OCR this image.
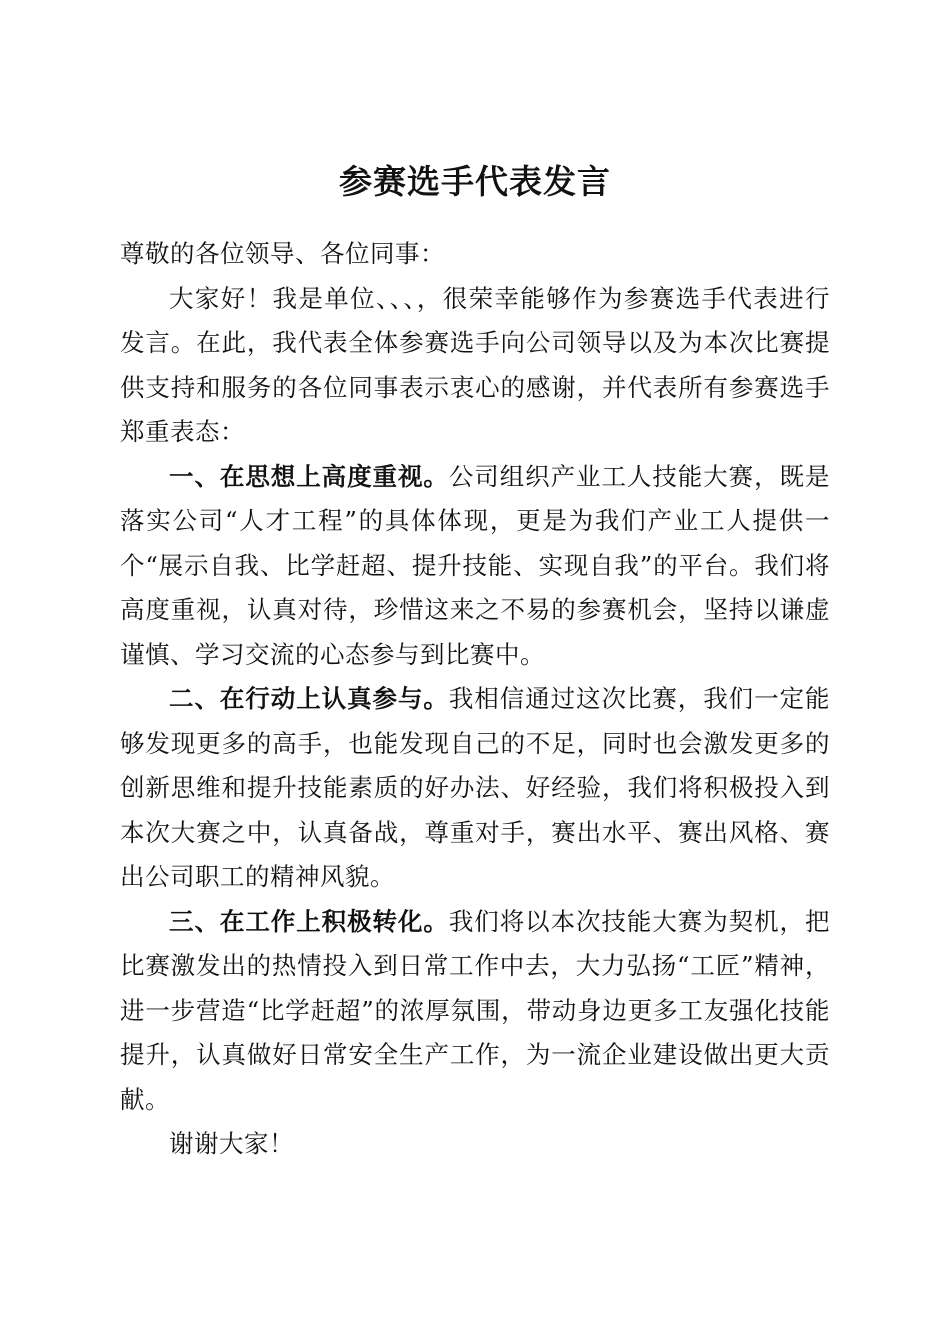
参赛选手代表发言

尊敬的各位领导、各位同事：

大家好！我是单位、、、，很荣幸能够作为参赛选手代表进行发言。在此，我代表全体参赛选手向公司领导以及为本次比赛提供支持和服务的各位同事表示衷心的感谢，并代表所有参赛选手郑重表态：

一、在思想上高度重视。公司组织产业工人技能大赛，既是落实公司“人才工程”的具体体现，更是为我们产业工人提供一个“展示自我、比学赶超、提升技能、实现自我”的平台。我们将高度重视，认真对待，珍惜这来之不易的参赛机会，坚持以谦虚谨慎、学习交流的心态参与到比赛中。

二、在行动上认真参与。我相信通过这次比赛，我们一定能够发现更多的高手，也能发现自己的不足，同时也会激发更多的创新思维和提升技能素质的好办法、好经验，我们将积极投入到本次大赛之中，认真备战，尊重对手，赛出水平、赛出风格、赛出公司职工的精神风貌。

三、在工作上积极转化。我们将以本次技能大赛为契机，把比赛激发出的热情投入到日常工作中去，大力弘扬“工匠”精神，进一步营造“比学赶超”的浓厚氛围，带动身边更多工友强化技能提升，认真做好日常安全生产工作，为一流企业建设做出更大贡献。

谢谢大家！
